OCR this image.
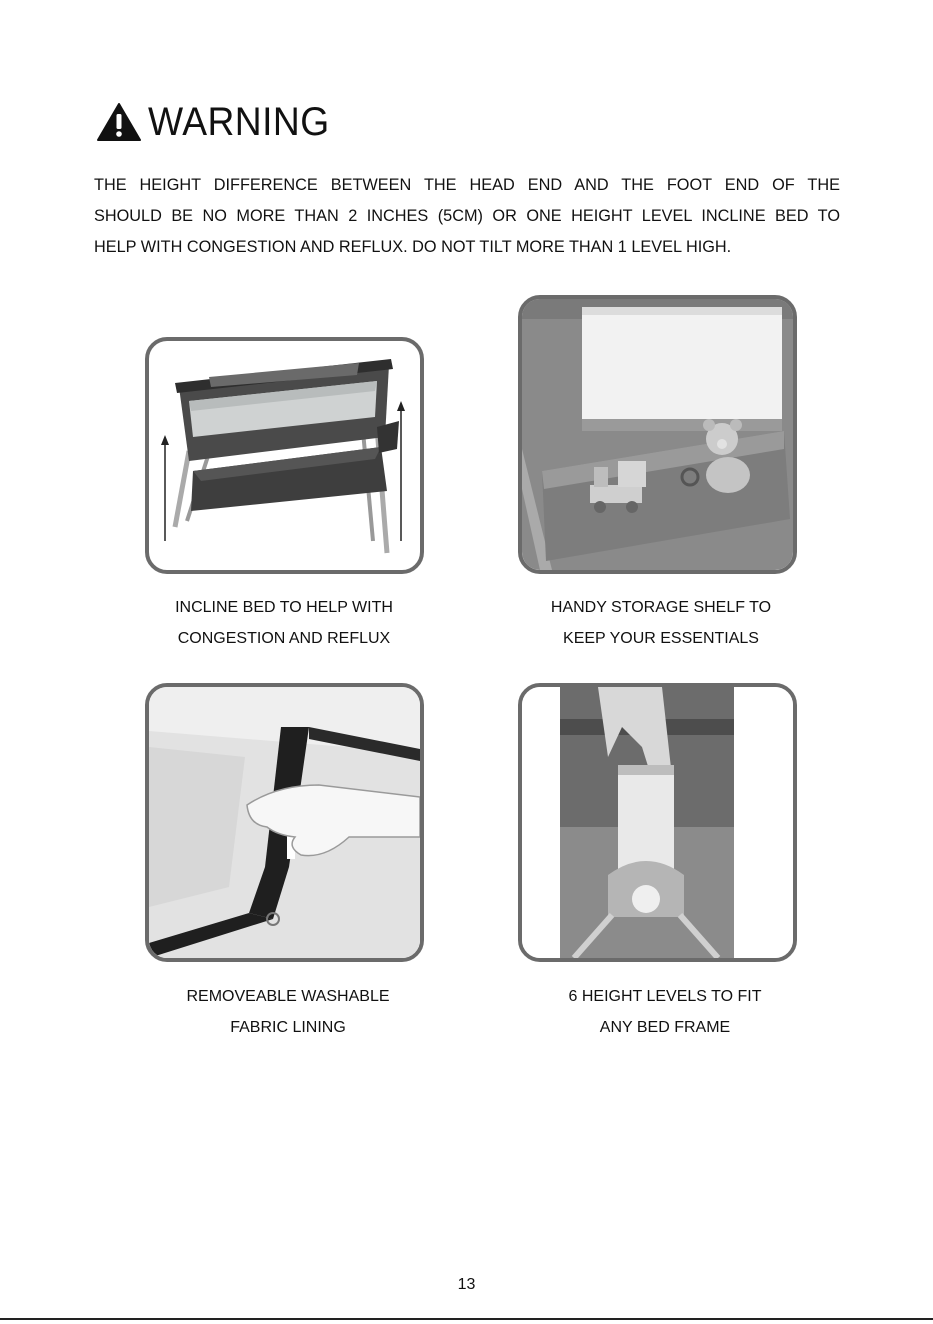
WARNING

THE HEIGHT DIFFERENCE BETWEEN THE HEAD END AND THE FOOT END OF THE

SHOULD BE NO MORE THAN 2 INCHES (5CM) OR ONE HEIGHT LEVEL INCLINE BED TO

HELP WITH CONGESTION AND REFLUX. DO NOT TILT MORE THAN 1 LEVEL HIGH.

INCLINE BED TO HELP WITH
CONGESTION AND REFLUX
HANDY STORAGE SHELF TO
KEEP YOUR ESSENTIALS
REMOVEABLE WASHABLE
FABRIC LINING
6 HEIGHT LEVELS TO FIT
ANY BED FRAME
13
